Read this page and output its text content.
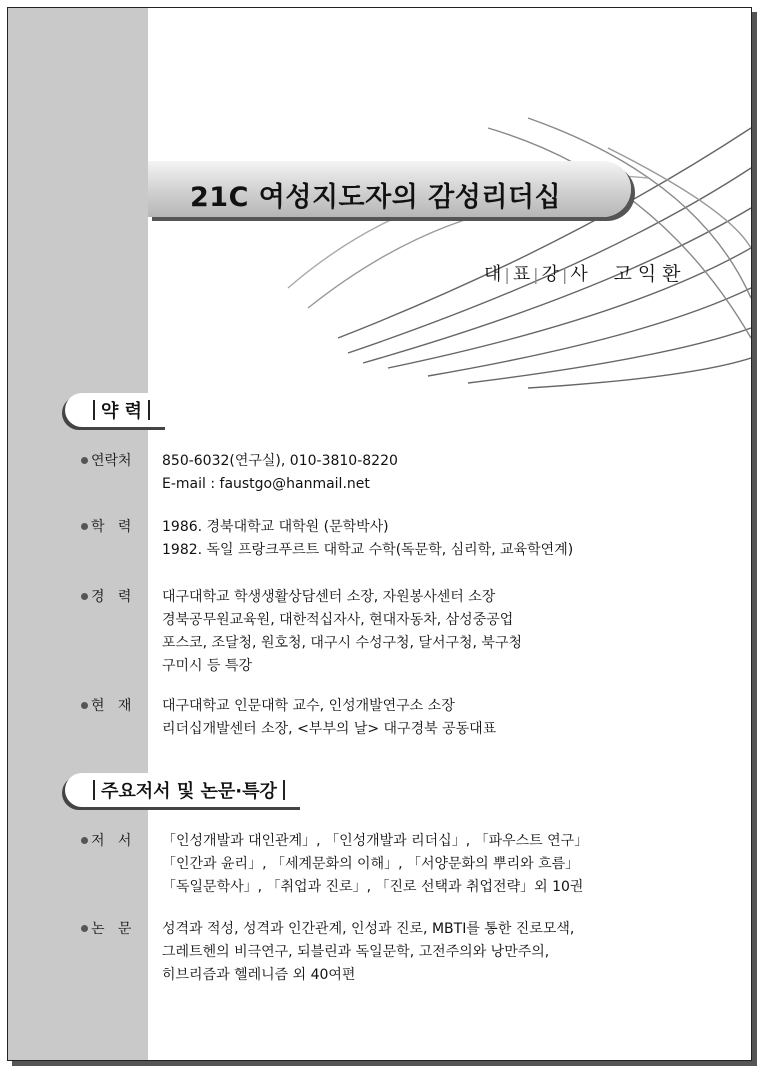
21C 여성지도자의 감성리더십
대 | 표 | 강 | 사 고익환
약 력
연락처	850-6032(연구실), 010-3810-8220
E-mail : faustgo@hanmail.net
학   력	1986. 경북대학교 대학원 (문학박사)
1982. 독일 프랑크푸르트 대학교 수학(독문학, 심리학, 교육학연계)
경   력	대구대학교 학생생활상담센터 소장, 자원봉사센터 소장
경북공무원교육원, 대한적십자사, 현대자동차, 삼성중공업
포스코, 조달청, 원호청, 대구시 수성구청, 달서구청, 북구청
구미시 등 특강
현   재	대구대학교 인문대학 교수, 인성개발연구소 소장
리더십개발센터 소장, <부부의 날> 대구경북 공동대표
주요저서 및 논문·특강
저   서	「인성개발과 대인관계」, 「인성개발과 리더십」, 「파우스트 연구」
「인간과 윤리」, 「세계문화의 이해」, 「서양문화의 뿌리와 흐름」
「독일문학사」, 「취업과 진로」, 「진로 선택과 취업전략」외 10권
논   문	성격과 적성, 성격과 인간관계, 인성과 진로, MBTI를 통한 진로모색,
그레트헨의 비극연구, 되블린과 독일문학, 고전주의와 낭만주의,
히브리즘과 헬레니즘 외 40여편
